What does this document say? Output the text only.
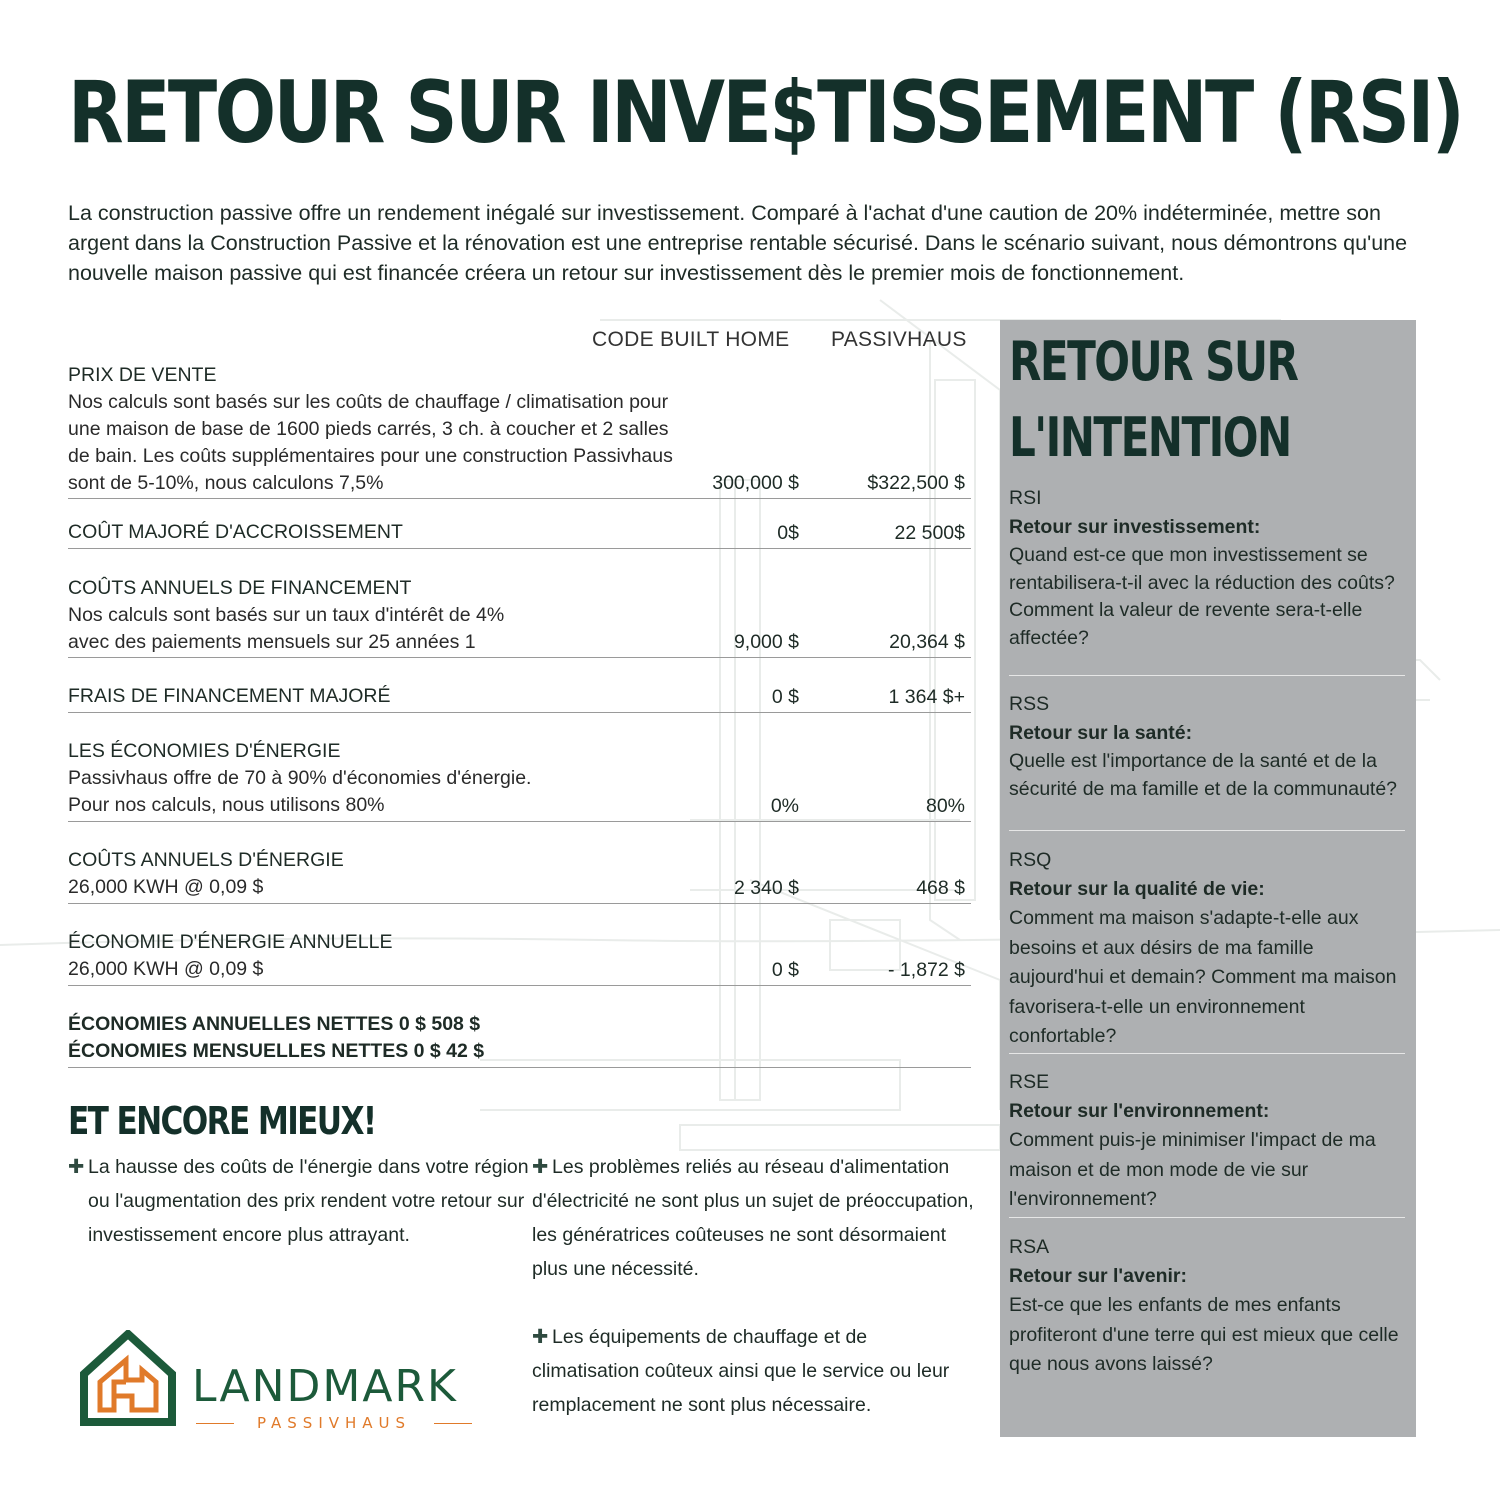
RETOUR SUR INVE$TISSEMENT (RSI)

La construction passive offre un rendement inégalé sur investissement. Comparé à l'achat d'une caution de 20% indéterminée, mettre son argent dans la Construction Passive et la rénovation est une entreprise rentable sécurisé. Dans le scénario suivant, nous démontrons qu'une nouvelle maison passive qui est financée créera un retour sur investissement dès le premier mois de fonctionnement.

CODE BUILT HOME PASSIVHAUS
PRIX DE VENTE
Nos calculs sont basés sur les coûts de chauffage / climatisation pour une maison de base de 1600 pieds carrés, 3 ch. à coucher et 2 salles de bain. Les coûts supplémentaires pour une construction Passivhaus sont de 5-10%, nous calculons 7,5%	300,000 $	$322,500 $
COÛT MAJORÉ D'ACCROISSEMENT	0$	22 500$
COÛTS ANNUELS DE FINANCEMENT
Nos calculs sont basés sur un taux d'intérêt de 4% avec des paiements mensuels sur 25 années 1	9,000 $	20,364 $
FRAIS DE FINANCEMENT MAJORÉ	0 $	1 364 $+
LES ÉCONOMIES D'ÉNERGIE
Passivhaus offre de 70 à 90% d'économies d'énergie. Pour nos calculs, nous utilisons 80%	0%	80%
COÛTS ANNUELS D'ÉNERGIE
26,000 KWH @ 0,09 $	2 340 $	468 $
ÉCONOMIE D'ÉNERGIE ANNUELLE
26,000 KWH @ 0,09 $	0 $	- 1,872 $
ÉCONOMIES ANNUELLES NETTES 0 $ 508 $
ÉCONOMIES MENSUELLES NETTES 0 $ 42 $
ET ENCORE MIEUX!
✚ La hausse des coûts de l'énergie dans votre région ou l'augmentation des prix rendent votre retour sur investissement encore plus attrayant.
✚ Les problèmes reliés au réseau d'alimentation d'électricité ne sont plus un sujet de préoccupation, les génératrices coûteuses ne sont désormaient plus une nécessité.
✚ Les équipements de chauffage et de climatisation coûteux ainsi que le service ou leur remplacement ne sont plus nécessaire.
LANDMARK
PASSIVHAUS
RETOUR SUR
L'INTENTION
RSI
Retour sur investissement:
Quand est-ce que mon investissement se rentabilisera-t-il avec la réduction des coûts? Comment la valeur de revente sera-t-elle affectée?
RSS
Retour sur la santé:
Quelle est l'importance de la santé et de la sécurité de ma famille et de la communauté?
RSQ
Retour sur la qualité de vie:
Comment ma maison s'adapte-t-elle aux besoins et aux désirs de ma famille aujourd'hui et demain? Comment ma maison favorisera-t-elle un environnement confortable?
RSE
Retour sur l'environnement:
Comment puis-je minimiser l'impact de ma maison et de mon mode de vie sur l'environnement?
RSA
Retour sur l'avenir:
Est-ce que les enfants de mes enfants profiteront d'une terre qui est mieux que celle que nous avons laissé?
